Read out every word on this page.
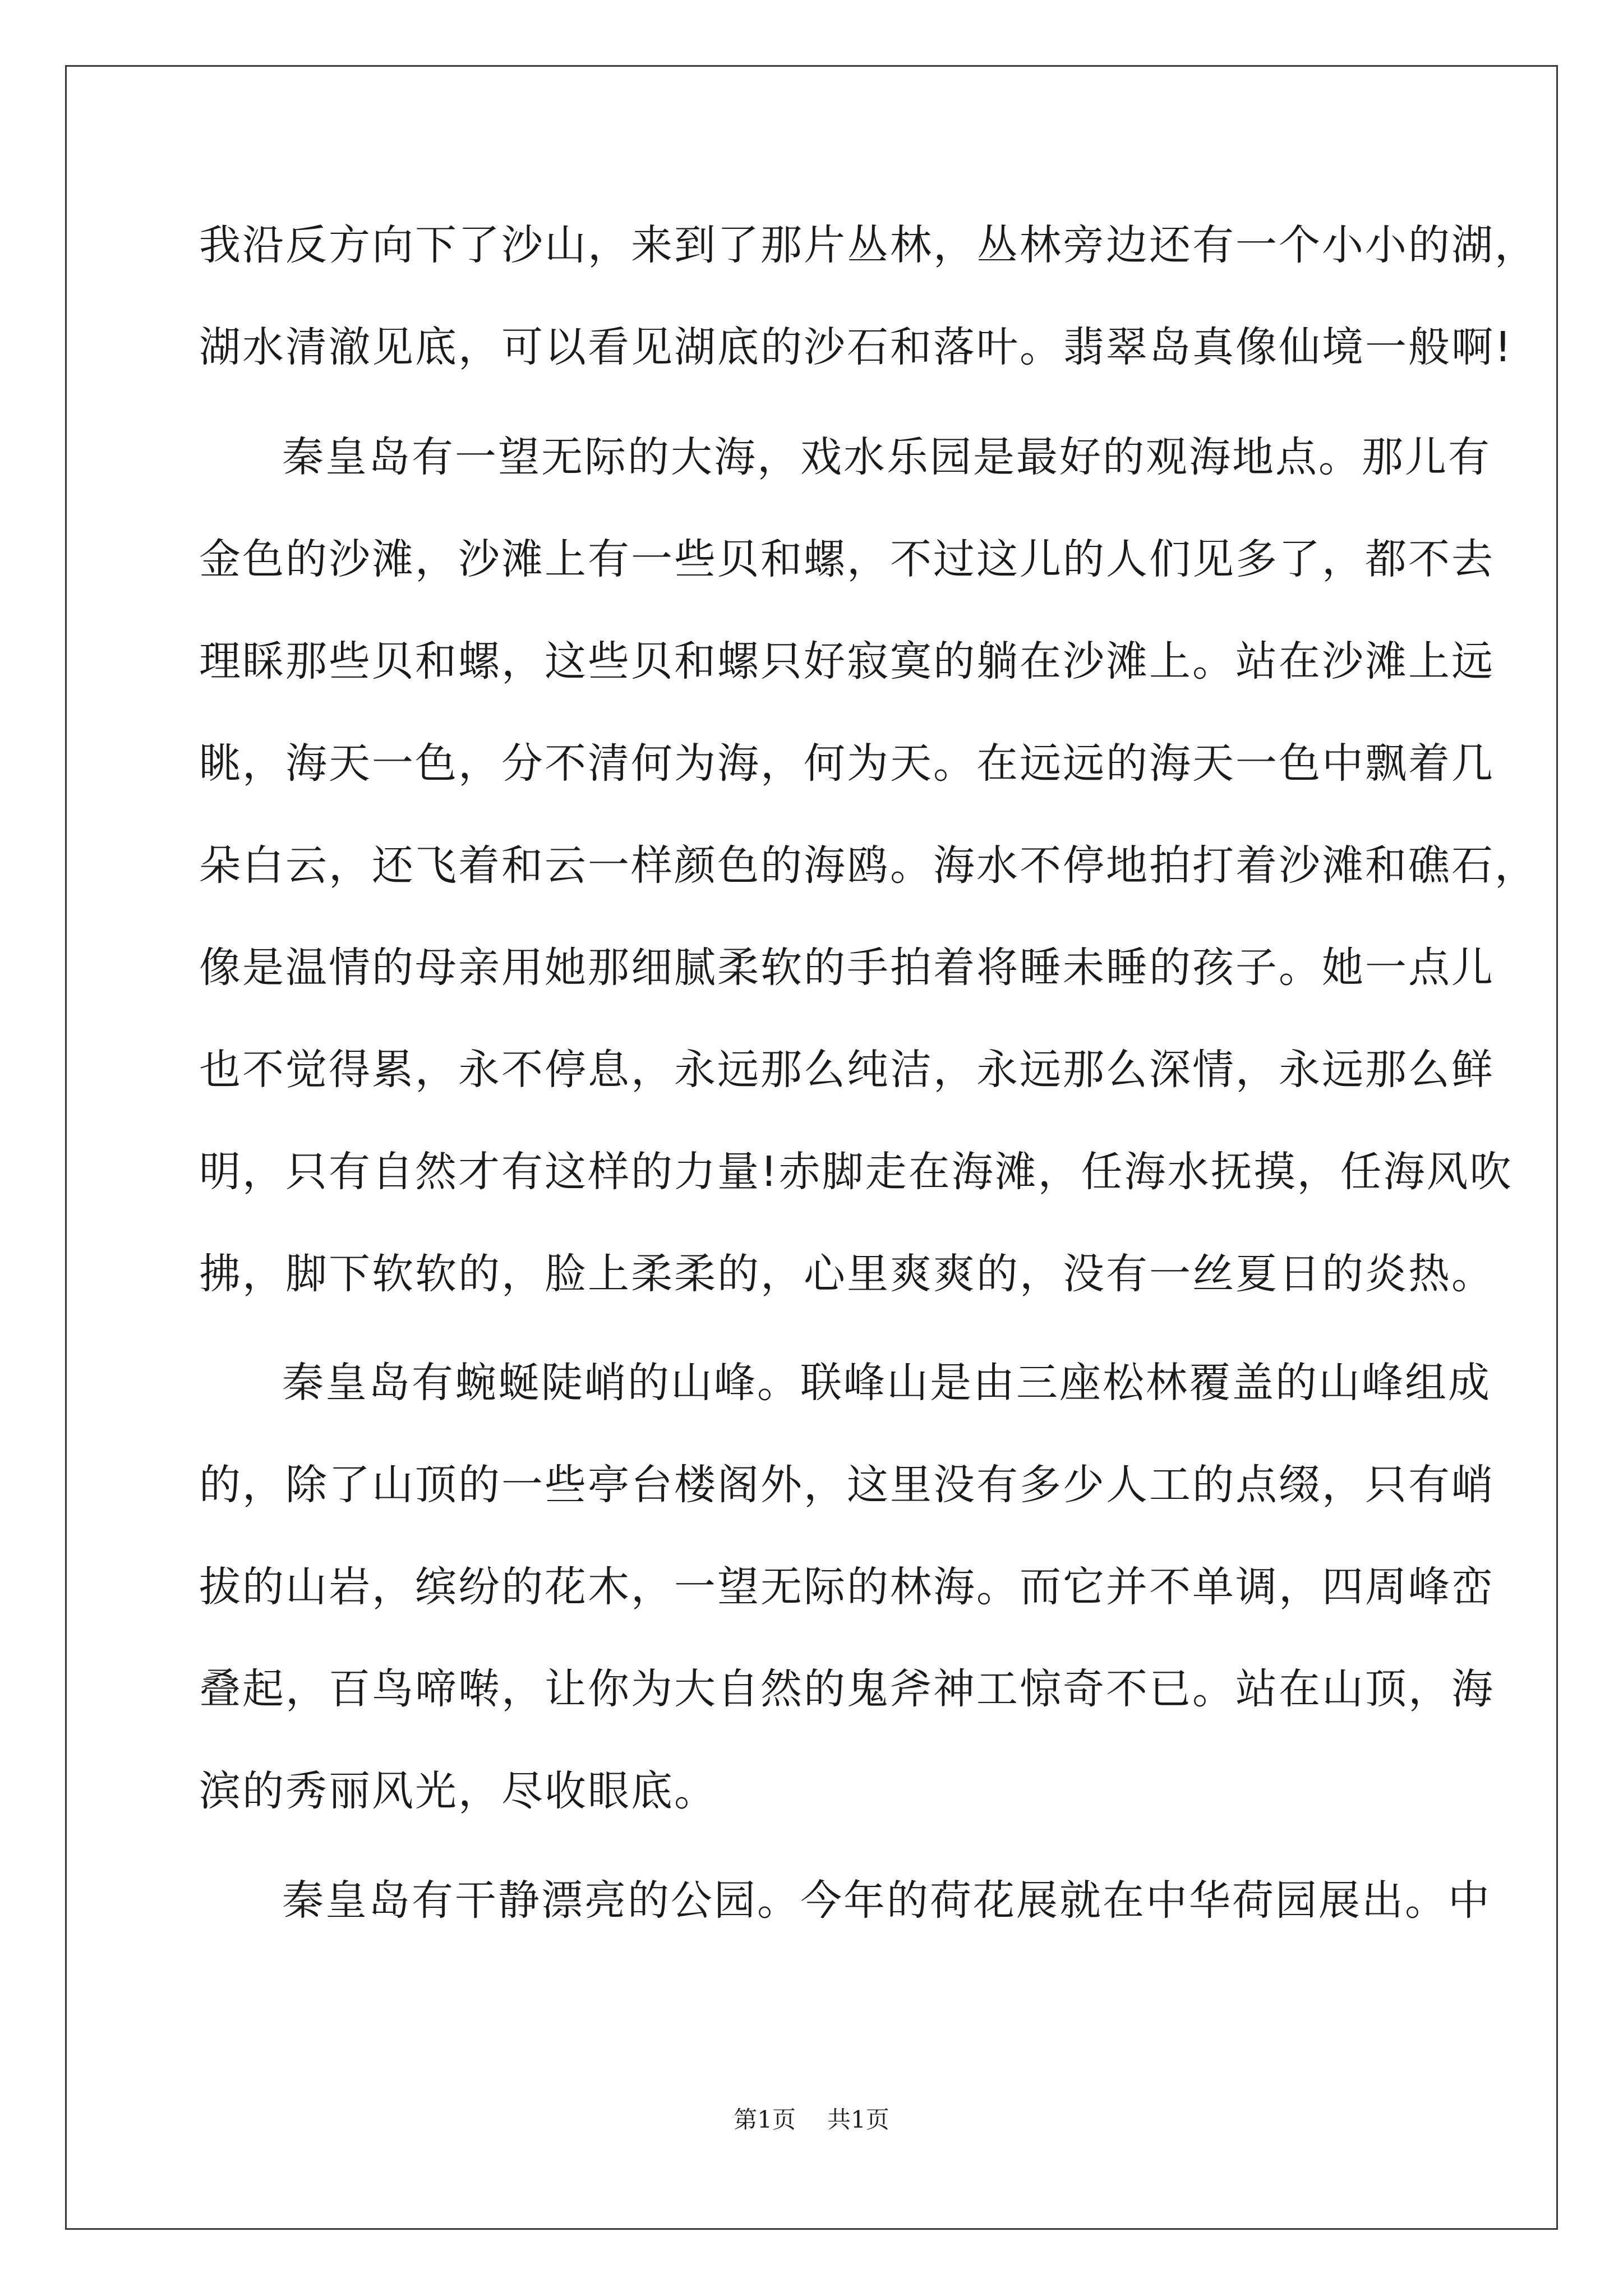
我沿反方向下了沙山，来到了那片丛林，丛林旁边还有一个小小的湖，
湖水清澈见底，可以看见湖底的沙石和落叶。翡翠岛真像仙境一般啊!
秦皇岛有一望无际的大海，戏水乐园是最好的观海地点。那儿有
金色的沙滩，沙滩上有一些贝和螺，不过这儿的人们见多了，都不去
理睬那些贝和螺，这些贝和螺只好寂寞的躺在沙滩上。站在沙滩上远
眺，海天一色，分不清何为海，何为天。在远远的海天一色中飘着几
朵白云，还飞着和云一样颜色的海鸥。海水不停地拍打着沙滩和礁石，
像是温情的母亲用她那细腻柔软的手拍着将睡未睡的孩子。她一点儿
也不觉得累，永不停息，永远那么纯洁，永远那么深情，永远那么鲜
明，只有自然才有这样的力量!赤脚走在海滩，任海水抚摸，任海风吹
拂，脚下软软的，脸上柔柔的，心里爽爽的，没有一丝夏日的炎热。
秦皇岛有蜿蜒陡峭的山峰。联峰山是由三座松林覆盖的山峰组成
的，除了山顶的一些亭台楼阁外，这里没有多少人工的点缀，只有峭
拔的山岩，缤纷的花木，一望无际的林海。而它并不单调，四周峰峦
叠起，百鸟啼啭，让你为大自然的鬼斧神工惊奇不已。站在山顶，海
滨的秀丽风光，尽收眼底。
秦皇岛有干静漂亮的公园。今年的荷花展就在中华荷园展出。中
第1页 共1页
